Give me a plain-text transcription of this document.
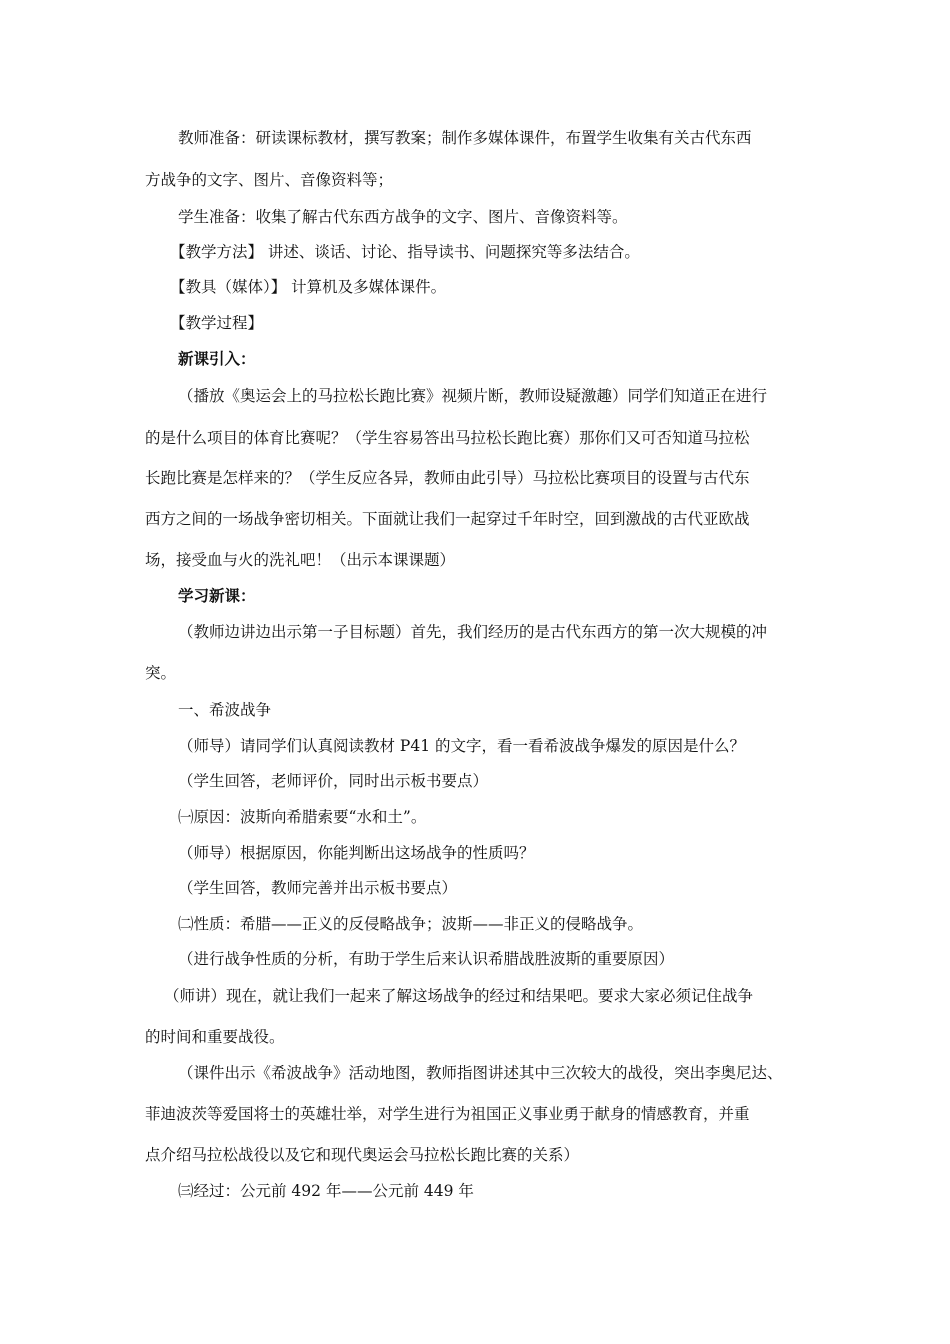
教师准备：研读课标教材，撰写教案；制作多媒体课件，布置学生收集有关古代东西
方战争的文字、图片、音像资料等；
学生准备：收集了解古代东西方战争的文字、图片、音像资料等。
【教学方法】 讲述、谈话、讨论、指导读书、问题探究等多法结合。
【教具（媒体）】 计算机及多媒体课件。
【教学过程】
新课引入：
（播放《奥运会上的马拉松长跑比赛》视频片断，教师设疑激趣）同学们知道正在进行
的是什么项目的体育比赛呢？（学生容易答出马拉松长跑比赛）那你们又可否知道马拉松
长跑比赛是怎样来的？（学生反应各异，教师由此引导）马拉松比赛项目的设置与古代东
西方之间的一场战争密切相关。下面就让我们一起穿过千年时空，回到激战的古代亚欧战
场，接受血与火的洗礼吧！（出示本课课题）
学习新课：
（教师边讲边出示第一子目标题）首先，我们经历的是古代东西方的第一次大规模的冲
突。
一、希波战争
（师导）请同学们认真阅读教材 P41 的文字，看一看希波战争爆发的原因是什么？
（学生回答，老师评价，同时出示板书要点）
㈠原因：波斯向希腊索要“水和土”。
（师导）根据原因，你能判断出这场战争的性质吗？
（学生回答，教师完善并出示板书要点）
㈡性质：希腊——正义的反侵略战争；波斯——非正义的侵略战争。
（进行战争性质的分析，有助于学生后来认识希腊战胜波斯的重要原因）
（师讲）现在，就让我们一起来了解这场战争的经过和结果吧。要求大家必须记住战争
的时间和重要战役。
（课件出示《希波战争》活动地图，教师指图讲述其中三次较大的战役，突出李奥尼达、
菲迪波茨等爱国将士的英雄壮举，对学生进行为祖国正义事业勇于献身的情感教育，并重
点介绍马拉松战役以及它和现代奥运会马拉松长跑比赛的关系）
㈢经过：公元前 492 年——公元前 449 年
